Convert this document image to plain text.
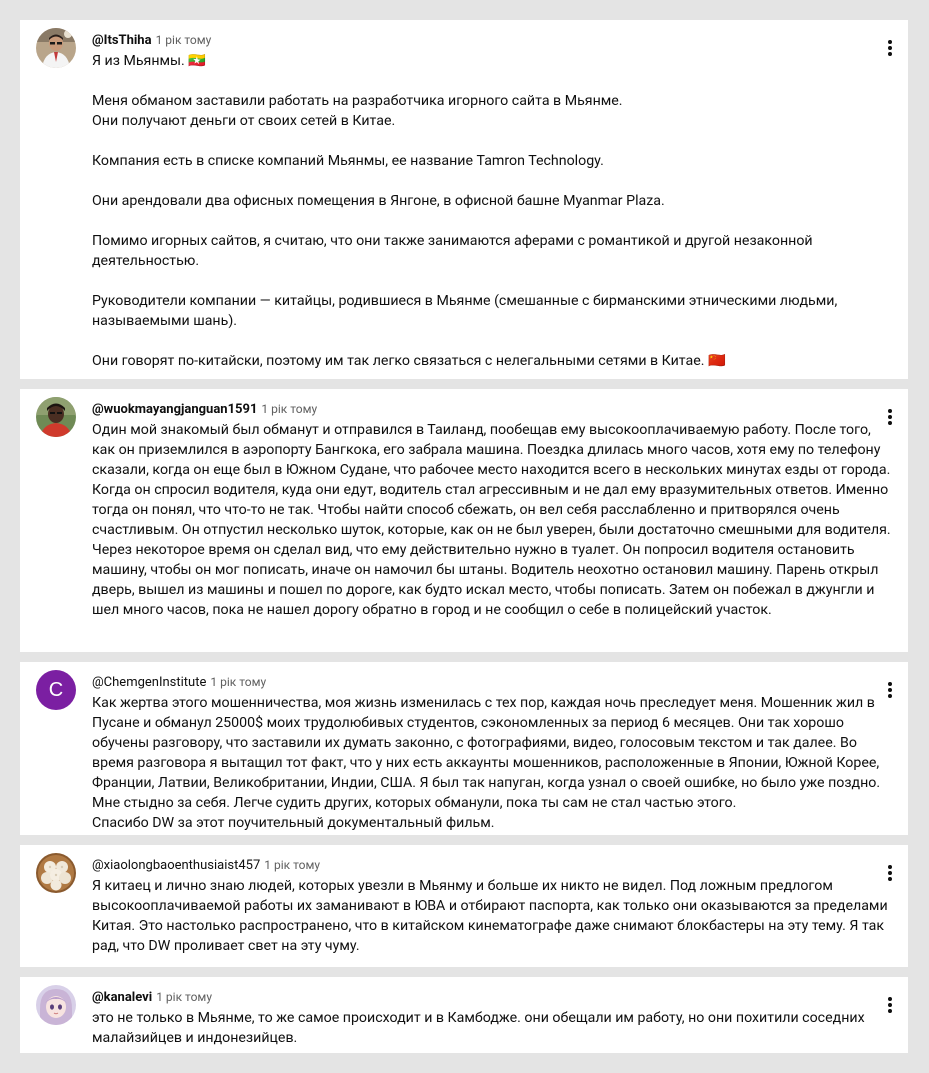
@ItsThiha 1 рік тому
Я из Мьянмы. 🇲🇲

Меня обманом заставили работать на разработчика игорного сайта в Мьянме.
Они получают деньги от своих сетей в Китае.

Компания есть в списке компаний Мьянмы, ее название Tamron Technology.

Они арендовали два офисных помещения в Янгоне, в офисной башне Myanmar Plaza.

Помимо игорных сайтов, я считаю, что они также занимаются аферами с романтикой и другой незаконной деятельностью.

Руководители компании — китайцы, родившиеся в Мьянме (смешанные с бирманскими этническими людьми, называемыми шань).

Они говорят по-китайски, поэтому им так легко связаться с нелегальными сетями в Китае. 🇨🇳
@wuokmayangjanguan1591 1 рік тому
Один мой знакомый был обманут и отправился в Таиланд, пообещав ему высокооплачиваемую работу. После того, как он приземлился в аэропорту Бангкока, его забрала машина. Поездка длилась много часов, хотя ему по телефону сказали, когда он еще был в Южном Судане, что рабочее место находится всего в нескольких минутах езды от города. Когда он спросил водителя, куда они едут, водитель стал агрессивным и не дал ему вразумительных ответов. Именно тогда он понял, что что-то не так. Чтобы найти способ сбежать, он вел себя расслабленно и притворялся очень счастливым. Он отпустил несколько шуток, которые, как он не был уверен, были достаточно смешными для водителя. Через некоторое время он сделал вид, что ему действительно нужно в туалет. Он попросил водителя остановить машину, чтобы он мог пописать, иначе он намочил бы штаны. Водитель неохотно остановил машину. Парень открыл дверь, вышел из машины и пошел по дороге, как будто искал место, чтобы пописать. Затем он побежал в джунгли и шел много часов, пока не нашел дорогу обратно в город и не сообщил о себе в полицейский участок.
C	@ChemgenInstitute 1 рік тому
Как жертва этого мошенничества, моя жизнь изменилась с тех пор, каждая ночь преследует меня. Мошенник жил в Пусане и обманул 25000$ моих трудолюбивых студентов, сэкономленных за период 6 месяцев. Они так хорошо обучены разговору, что заставили их думать законно, с фотографиями, видео, голосовым текстом и так далее. Во время разговора я вытащил тот факт, что у них есть аккаунты мошенников, расположенные в Японии, Южной Корее, Франции, Латвии, Великобритании, Индии, США. Я был так напуган, когда узнал о своей ошибке, но было уже поздно. Мне стыдно за себя. Легче судить других, которых обманули, пока ты сам не стал частью этого.
Спасибо DW за этот поучительный документальный фильм.
@xiaolongbaoenthusiaist457 1 рік тому
Я китаец и лично знаю людей, которых увезли в Мьянму и больше их никто не видел. Под ложным предлогом высокооплачиваемой работы их заманивают в ЮВА и отбирают паспорта, как только они оказываются за пределами Китая. Это настолько распространено, что в китайском кинематографе даже снимают блокбастеры на эту тему. Я так рад, что DW проливает свет на эту чуму.
@kanalevi 1 рік тому
это не только в Мьянме, то же самое происходит и в Камбодже. они обещали им работу, но они похитили соседних малайзийцев и индонезийцев.
